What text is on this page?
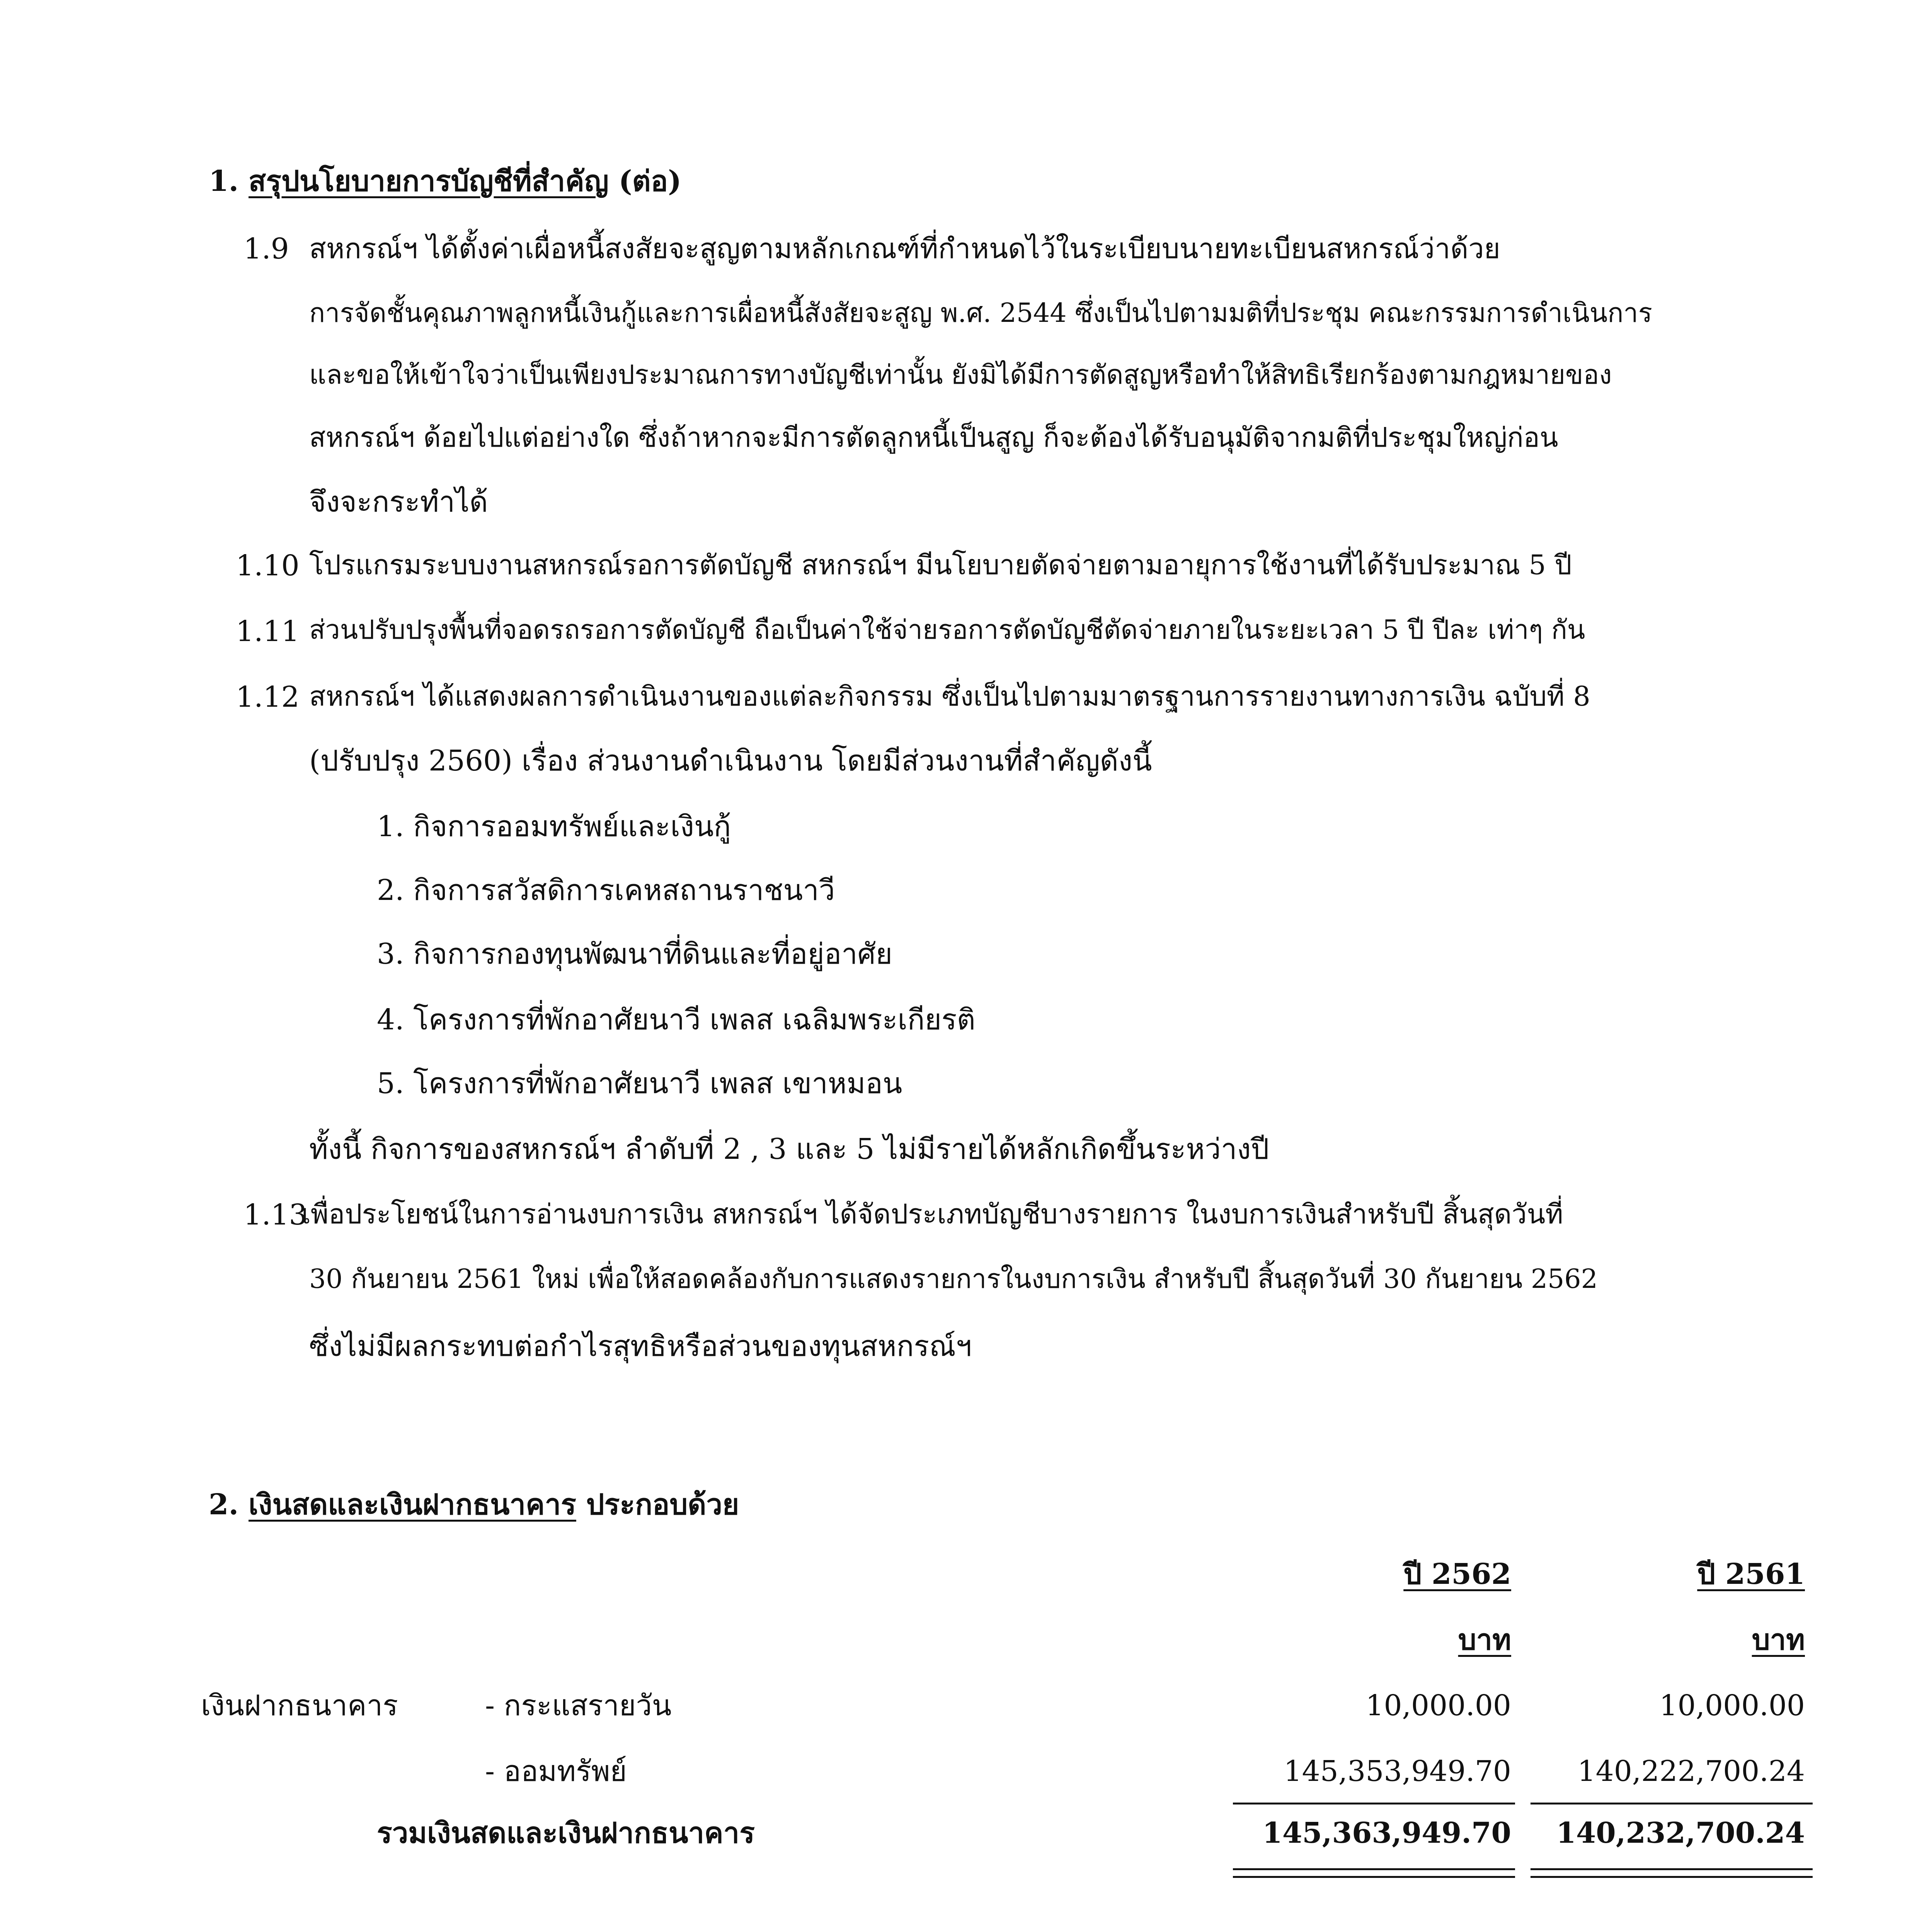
1. สรุปนโยบายการบัญชีที่สำคัญ (ต่อ)
1.9 สหกรณ์ฯ ได้ตั้งค่าเผื่อหนี้สงสัยจะสูญตามหลักเกณฑ์ที่กำหนดไว้ในระเบียบนายทะเบียนสหกรณ์ว่าด้วย
การจัดชั้นคุณภาพลูกหนี้เงินกู้และการเผื่อหนี้สังสัยจะสูญ พ.ศ. 2544 ซึ่งเป็นไปตามมติที่ประชุม คณะกรรมการดำเนินการ
และขอให้เข้าใจว่าเป็นเพียงประมาณการทางบัญชีเท่านั้น ยังมิได้มีการตัดสูญหรือทำให้สิทธิเรียกร้องตามกฎหมายของ
สหกรณ์ฯ ด้อยไปแต่อย่างใด ซึ่งถ้าหากจะมีการตัดลูกหนี้เป็นสูญ ก็จะต้องได้รับอนุมัติจากมติที่ประชุมใหญ่ก่อน
จึงจะกระทำได้
1.10 โปรแกรมระบบงานสหกรณ์รอการตัดบัญชี สหกรณ์ฯ มีนโยบายตัดจ่ายตามอายุการใช้งานที่ได้รับประมาณ 5 ปี
1.11 ส่วนปรับปรุงพื้นที่จอดรถรอการตัดบัญชี ถือเป็นค่าใช้จ่ายรอการตัดบัญชีตัดจ่ายภายในระยะเวลา 5 ปี ปีละ เท่าๆ กัน
1.12 สหกรณ์ฯ ได้แสดงผลการดำเนินงานของแต่ละกิจกรรม ซึ่งเป็นไปตามมาตรฐานการรายงานทางการเงิน ฉบับที่ 8
(ปรับปรุง 2560) เรื่อง ส่วนงานดำเนินงาน โดยมีส่วนงานที่สำคัญดังนี้
1. กิจการออมทรัพย์และเงินกู้
2. กิจการสวัสดิการเคหสถานราชนาวี
3. กิจการกองทุนพัฒนาที่ดินและที่อยู่อาศัย
4. โครงการที่พักอาศัยนาวี เพลส เฉลิมพระเกียรติ
5. โครงการที่พักอาศัยนาวี เพลส เขาหมอน
ทั้งนี้ กิจการของสหกรณ์ฯ ลำดับที่ 2 , 3 และ 5 ไม่มีรายได้หลักเกิดขึ้นระหว่างปี
1.13
เพื่อประโยชน์ในการอ่านงบการเงิน สหกรณ์ฯ ได้จัดประเภทบัญชีบางรายการ ในงบการเงินสำหรับปี สิ้นสุดวันที่
30 กันยายน 2561 ใหม่ เพื่อให้สอดคล้องกับการแสดงรายการในงบการเงิน สำหรับปี สิ้นสุดวันที่ 30 กันยายน 2562
ซึ่งไม่มีผลกระทบต่อกำไรสุทธิหรือส่วนของทุนสหกรณ์ฯ
2. เงินสดและเงินฝากธนาคาร ประกอบด้วย
ปี 2562	ปี 2561
บาท	บาท
เงินฝากธนาคาร	- กระแสรายวัน	10,000.00	10,000.00
- ออมทรัพย์	145,353,949.70	140,222,700.24
รวมเงินสดและเงินฝากธนาคาร	145,363,949.70	140,232,700.24
